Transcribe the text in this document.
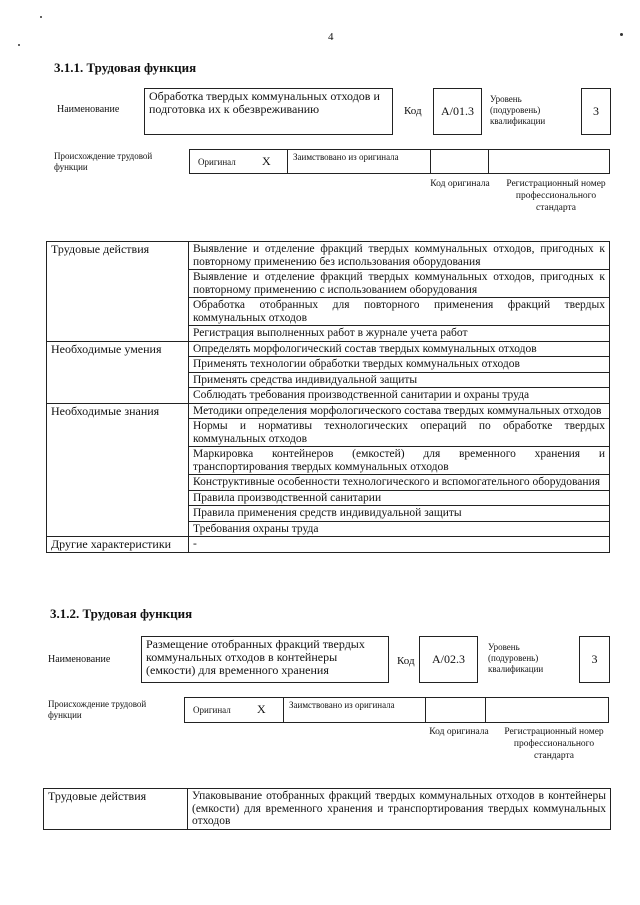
4
3.1.1. Трудовая функция
Наименование
Обработка твердых коммунальных отходов и подготовка их к обезвреживанию	Код	А/01.3
Уровень (подуровень) квалификации
3
Происхождение трудовой функции	Оригинал X Заимствовано из оригинала
Код оригинала	Регистрационный номер профессионального стандарта
Трудовые действия	Выявление и отделение фракций твердых коммунальных отходов, пригодных к повторному применению без использования оборудования
	Выявление и отделение фракций твердых коммунальных отходов, пригодных к повторному применению с использованием оборудования
	Обработка отобранных для повторного применения фракций твердых коммунальных отходов
	Регистрация выполненных работ в журнале учета работ
Необходимые умения	Определять морфологический состав твердых коммунальных отходов
	Применять технологии обработки твердых коммунальных отходов
	Применять средства индивидуальной защиты
	Соблюдать требования производственной санитарии и охраны труда
Необходимые знания	Методики определения морфологического состава твердых коммунальных отходов
	Нормы и нормативы технологических операций по обработке твердых коммунальных отходов
	Маркировка контейнеров (емкостей) для временного хранения и транспортирования твердых коммунальных отходов
	Конструктивные особенности технологического и вспомогательного оборудования
	Правила производственной санитарии
	Правила применения средств индивидуальной защиты
	Требования охраны труда
Другие характеристики	-
3.1.2. Трудовая функция
Наименование
Размещение отобранных фракций твердых коммунальных отходов в контейнеры (емкости) для временного хранения
Код	А/02.3
Уровень (подуровень) квалификации
3
Происхождение трудовой функции	Оригинал X	Заимствовано из оригинала
Код оригинала	Регистрационный номер профессионального стандарта
Трудовые действия	Упаковывание отобранных фракций твердых коммунальных отходов в контейнеры (емкости) для временного хранения и транспортирования твердых коммунальных отходов
